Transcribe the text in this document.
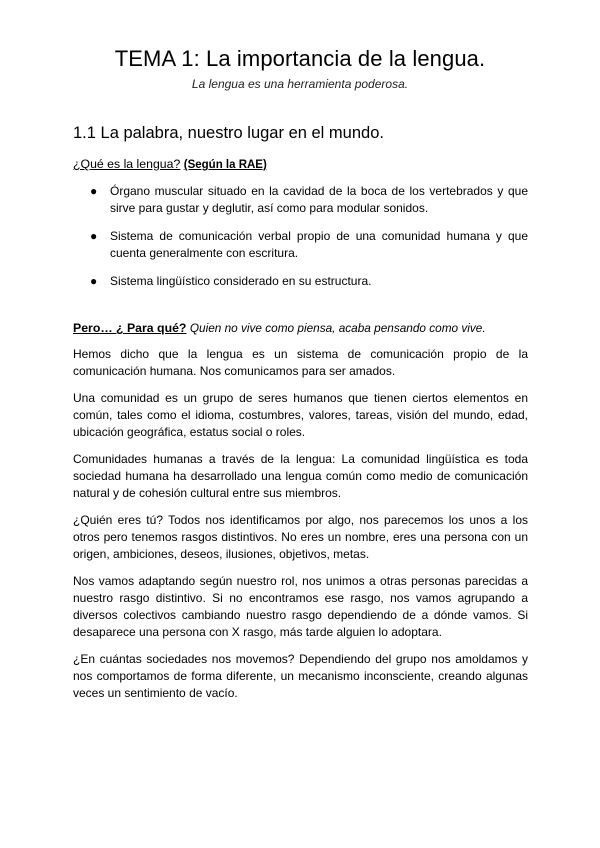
TEMA 1: La importancia de la lengua.

La lengua es una herramienta poderosa.

1.1 La palabra, nuestro lugar en el mundo.

¿Qué es la lengua? (Según la RAE)

● Órgano muscular situado en la cavidad de la boca de los vertebrados y que sirve para gustar y deglutir, así como para modular sonidos.
● Sistema de comunicación verbal propio de una comunidad humana y que cuenta generalmente con escritura.
● Sistema lingüístico considerado en su estructura.

Pero… ¿ Para qué? Quien no vive como piensa, acaba pensando como vive.

Hemos dicho que la lengua es un sistema de comunicación propio de la comunicación humana. Nos comunicamos para ser amados.

Una comunidad es un grupo de seres humanos que tienen ciertos elementos en común, tales como el idioma, costumbres, valores, tareas, visión del mundo, edad, ubicación geográfica, estatus social o roles.

Comunidades humanas a través de la lengua: La comunidad lingüística es toda sociedad humana ha desarrollado una lengua común como medio de comunicación natural y de cohesión cultural entre sus miembros.

¿Quién eres tú? Todos nos identificamos por algo, nos parecemos los unos a los otros pero tenemos rasgos distintivos. No eres un nombre, eres una persona con un origen, ambiciones, deseos, ilusiones, objetivos, metas.

Nos vamos adaptando según nuestro rol, nos unimos a otras personas parecidas a nuestro rasgo distintivo. Si no encontramos ese rasgo, nos vamos agrupando a diversos colectivos cambiando nuestro rasgo dependiendo de a dónde vamos. Si desaparece una persona con X rasgo, más tarde alguien lo adoptara.

¿En cuántas sociedades nos movemos? Dependiendo del grupo nos amoldamos y nos comportamos de forma diferente, un mecanismo inconsciente, creando algunas veces un sentimiento de vacío.
